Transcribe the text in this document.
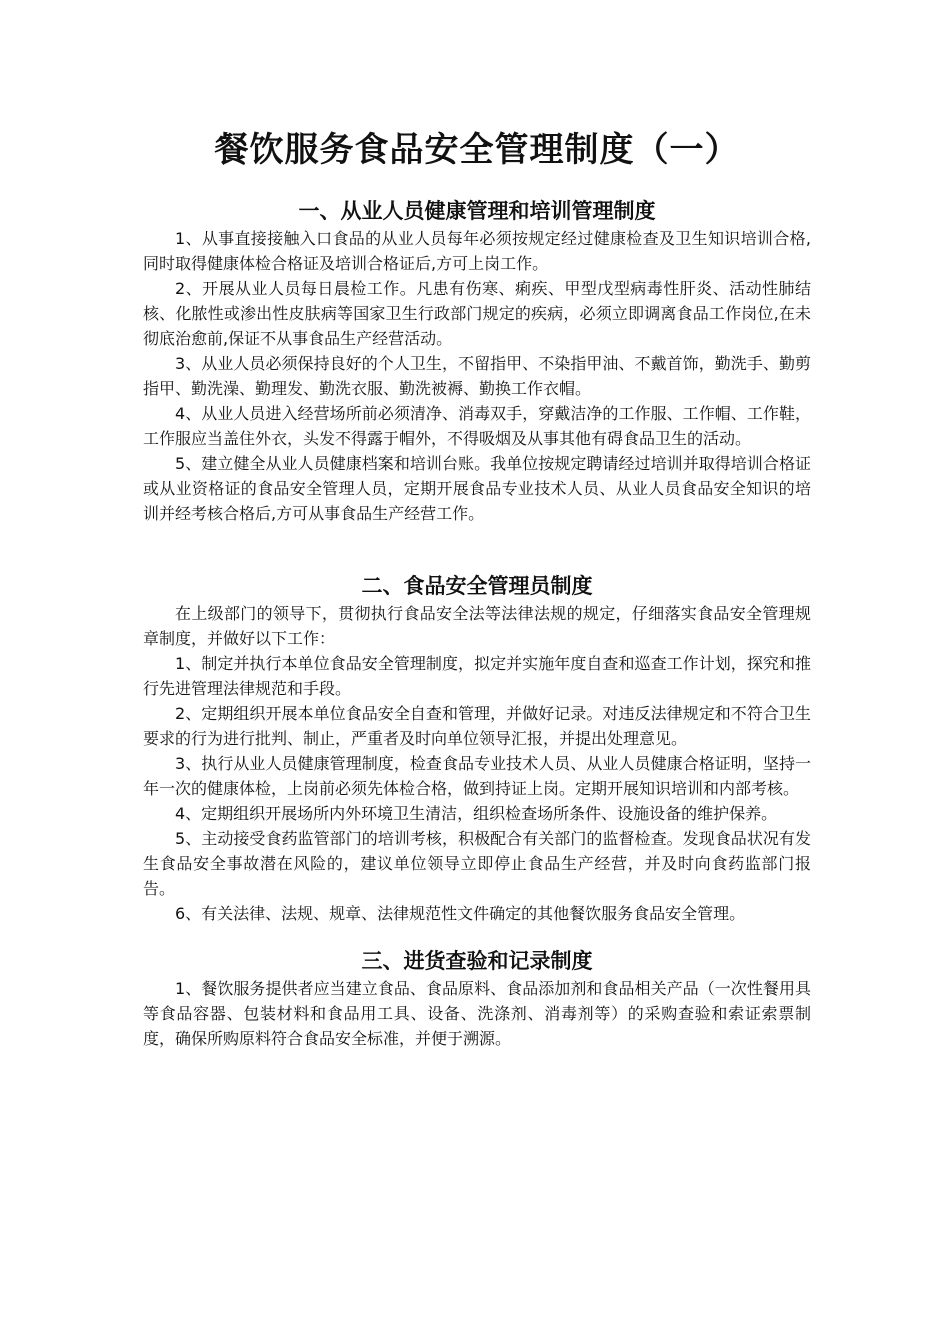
餐饮服务食品安全管理制度（一）
一、从业人员健康管理和培训管理制度

1、从事直接接触入口食品的从业人员每年必须按规定经过健康检查及卫生知识培训合格,同时取得健康体检合格证及培训合格证后,方可上岗工作。

2、开展从业人员每日晨检工作。凡患有伤寒、痢疾、甲型戊型病毒性肝炎、活动性肺结核、化脓性或渗出性皮肤病等国家卫生行政部门规定的疾病，必须立即调离食品工作岗位,在未彻底治愈前,保证不从事食品生产经营活动。

3、从业人员必须保持良好的个人卫生，不留指甲、不染指甲油、不戴首饰，勤洗手、勤剪指甲、勤洗澡、勤理发、勤洗衣服、勤洗被褥、勤换工作衣帽。

4、从业人员进入经营场所前必须清净、消毒双手，穿戴洁净的工作服、工作帽、工作鞋，工作服应当盖住外衣，头发不得露于帽外，不得吸烟及从事其他有碍食品卫生的活动。

5、建立健全从业人员健康档案和培训台账。我单位按规定聘请经过培训并取得培训合格证或从业资格证的食品安全管理人员，定期开展食品专业技术人员、从业人员食品安全知识的培训并经考核合格后,方可从事食品生产经营工作。

二、食品安全管理员制度

在上级部门的领导下，贯彻执行食品安全法等法律法规的规定，仔细落实食品安全管理规章制度，并做好以下工作：

1、制定并执行本单位食品安全管理制度，拟定并实施年度自查和巡查工作计划，探究和推行先进管理法律规范和手段。

2、定期组织开展本单位食品安全自查和管理，并做好记录。对违反法律规定和不符合卫生要求的行为进行批判、制止，严重者及时向单位领导汇报，并提出处理意见。

3、执行从业人员健康管理制度，检查食品专业技术人员、从业人员健康合格证明，坚持一年一次的健康体检，上岗前必须先体检合格，做到持证上岗。定期开展知识培训和内部考核。

4、定期组织开展场所内外环境卫生清洁，组织检查场所条件、设施设备的维护保养。

5、主动接受食药监管部门的培训考核，积极配合有关部门的监督检查。发现食品状况有发生食品安全事故潜在风险的，建议单位领导立即停止食品生产经营，并及时向食药监部门报告。

6、有关法律、法规、规章、法律规范性文件确定的其他餐饮服务食品安全管理。

三、进货查验和记录制度

1、餐饮服务提供者应当建立食品、食品原料、食品添加剂和食品相关产品（一次性餐用具等食品容器、包装材料和食品用工具、设备、洗涤剂、消毒剂等）的采购查验和索证索票制度，确保所购原料符合食品安全标准，并便于溯源。
